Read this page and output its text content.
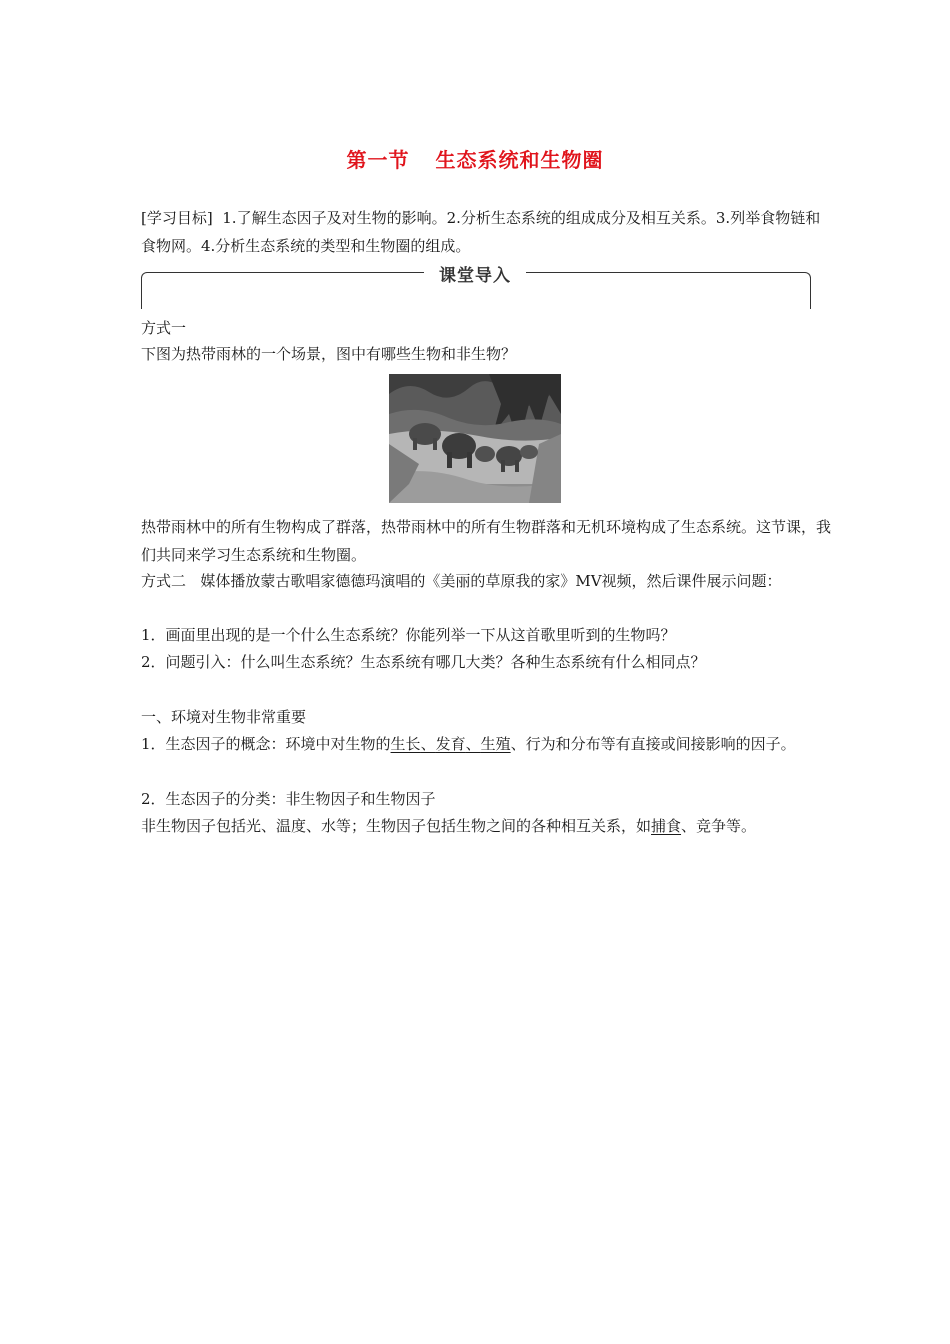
第一节 生态系统和生物圈

[学习目标] 1.了解生态因子及对生物的影响。2.分析生态系统的组成成分及相互关系。3.列举食物链和食物网。4.分析生态系统的类型和生物圈的组成。

课堂导入

方式一

下图为热带雨林的一个场景，图中有哪些生物和非生物？

热带雨林中的所有生物构成了群落，热带雨林中的所有生物群落和无机环境构成了生态系统。这节课，我们共同来学习生态系统和生物圈。

方式二 媒体播放蒙古歌唱家德德玛演唱的《美丽的草原我的家》MV视频，然后课件展示问题：

1．画面里出现的是一个什么生态系统？你能列举一下从这首歌里听到的生物吗？

2．问题引入：什么叫生态系统？生态系统有哪几大类？各种生态系统有什么相同点？

一、环境对生物非常重要

1．生态因子的概念：环境中对生物的生长、发育、生殖、行为和分布等有直接或间接影响的因子。

2．生态因子的分类：非生物因子和生物因子

非生物因子包括光、温度、水等；生物因子包括生物之间的各种相互关系，如捕食、竞争等。
